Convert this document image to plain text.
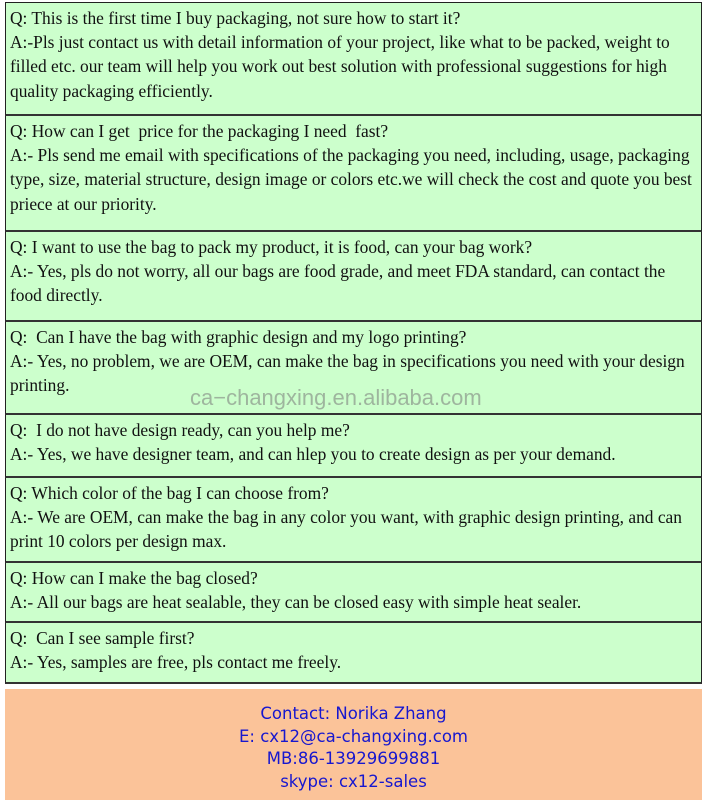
Q: This is the first time I buy packaging, not sure how to start it?

A:-Pls just contact us with detail information of your project, like what to be packed, weight to filled etc. our team will help you work out best solution with professional suggestions for high quality packaging efficiently.

Q: How can I get  price for the packaging I need  fast?

A:- Pls send me email with specifications of the packaging you need, including, usage, packaging type, size, material structure, design image or colors etc.we will check the cost and quote you best priece at our priority.

Q: I want to use the bag to pack my product, it is food, can your bag work?

A:- Yes, pls do not worry, all our bags are food grade, and meet FDA standard, can contact the food directly.

Q:  Can I have the bag with graphic design and my logo printing?

A:- Yes, no problem, we are OEM, can make the bag in specifications you need with your design printing.

Q:  I do not have design ready, can you help me?

A:- Yes, we have designer team, and can hlep you to create design as per your demand.

Q: Which color of the bag I can choose from?

A:- We are OEM, can make the bag in any color you want, with graphic design printing, and can print 10 colors per design max.

Q: How can I make the bag closed?

A:- All our bags are heat sealable, they can be closed easy with simple heat sealer.

Q:  Can I see sample first?

A:- Yes, samples are free, pls contact me freely.

ca−changxing.en.alibaba.com
Contact: Norika Zhang
E: cx12@ca-changxing.com
MB:86-13929699881
skype: cx12-sales
